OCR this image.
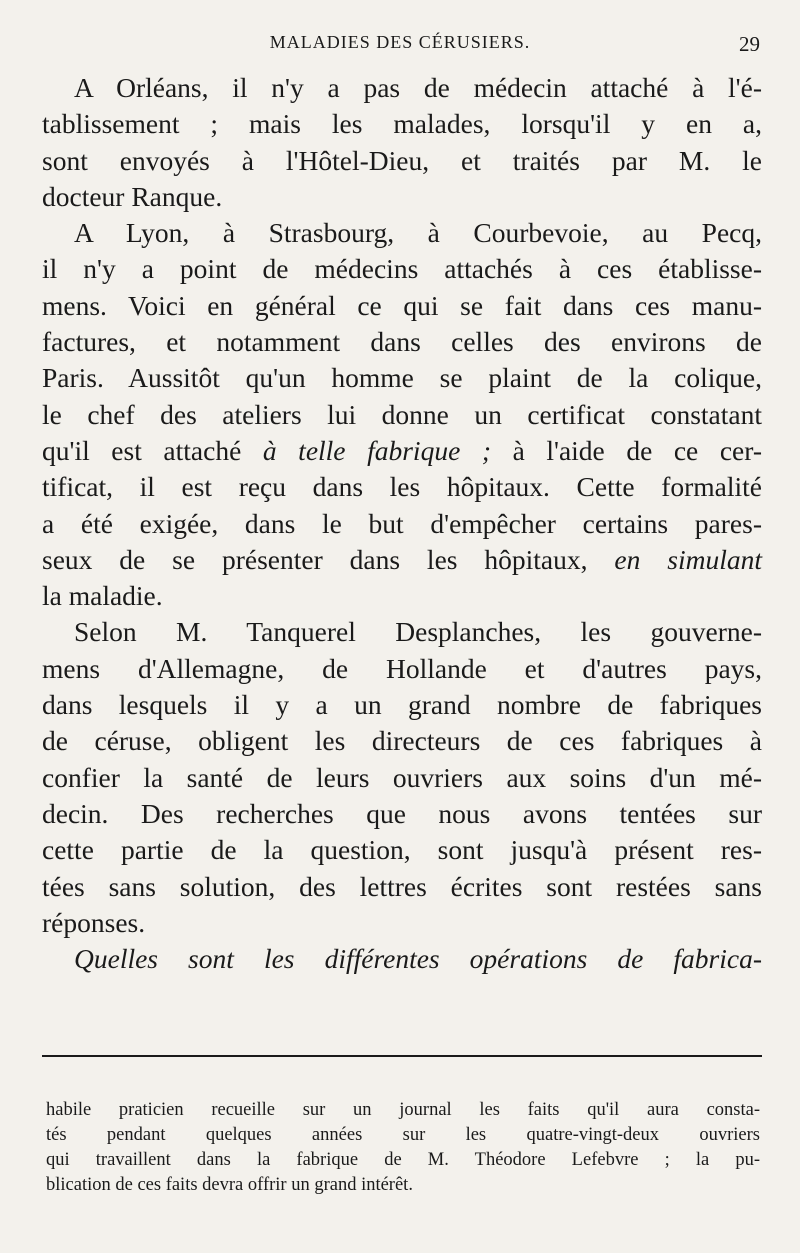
MALADIES DES CÉRUSIERS.	29

A Orléans, il n'y a pas de médecin attaché à l'é-

tablissement ; mais les malades, lorsqu'il y en a,

sont envoyés à l'Hôtel-Dieu, et traités par M. le

docteur Ranque.

A Lyon, à Strasbourg, à Courbevoie, au Pecq,

il n'y a point de médecins attachés à ces établisse-

mens. Voici en général ce qui se fait dans ces manu-

factures, et notamment dans celles des environs de

Paris. Aussitôt qu'un homme se plaint de la colique,

le chef des ateliers lui donne un certificat constatant

qu'il est attaché à telle fabrique ; à l'aide de ce cer-

tificat, il est reçu dans les hôpitaux. Cette formalité

a été exigée, dans le but d'empêcher certains pares-

seux de se présenter dans les hôpitaux, en simulant

la maladie.

Selon M. Tanquerel Desplanches, les gouverne-

mens d'Allemagne, de Hollande et d'autres pays,

dans lesquels il y a un grand nombre de fabriques

de céruse, obligent les directeurs de ces fabriques à

confier la santé de leurs ouvriers aux soins d'un mé-

decin. Des recherches que nous avons tentées sur

cette partie de la question, sont jusqu'à présent res-

tées sans solution, des lettres écrites sont restées sans

réponses.

Quelles sont les différentes opérations de fabrica-

habile praticien recueille sur un journal les faits qu'il aura consta-

tés pendant quelques années sur les quatre-vingt-deux ouvriers

qui travaillent dans la fabrique de M. Théodore Lefebvre ; la pu-

blication de ces faits devra offrir un grand intérêt.
